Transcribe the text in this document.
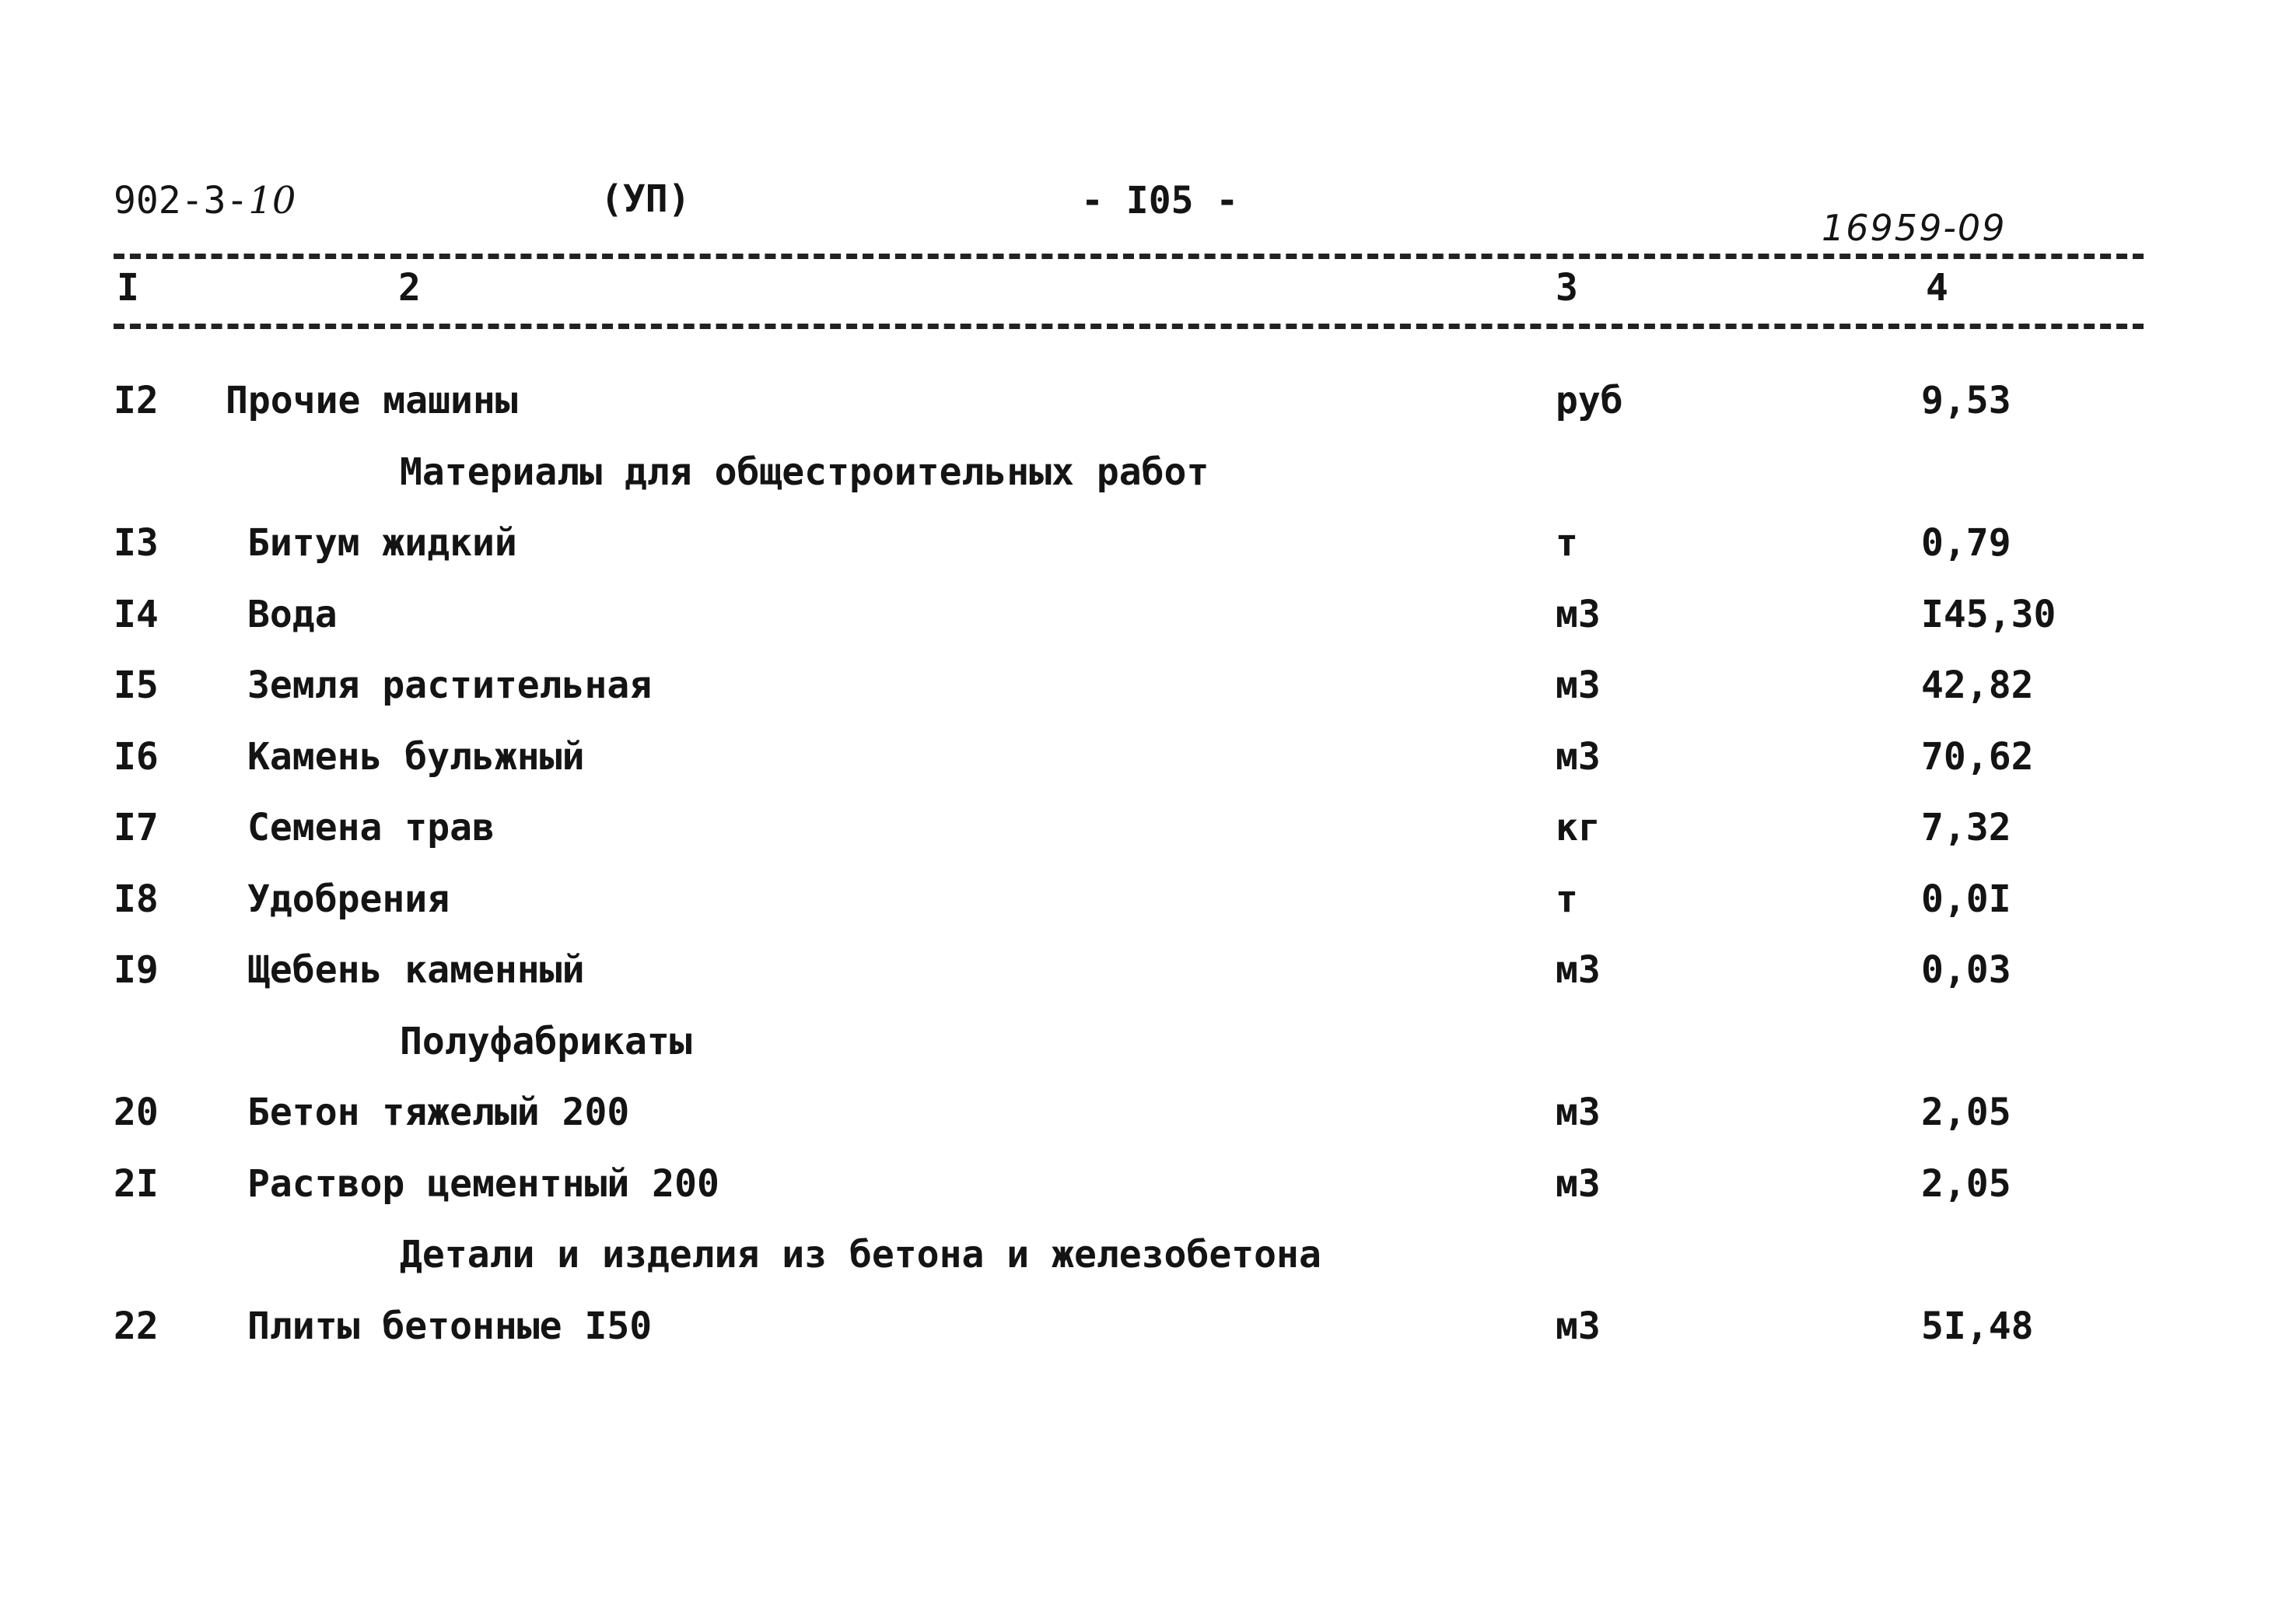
902-3-10	(УП)	- I05 -
16959-09
I	2	3	4
I2 Прочие машины	руб	9,53
Материалы для общестроительных работ
I3 Битум жидкий	т	0,79
I4 Вода	м3	I45,30
I5 Земля растительная	м3	42,82
I6 Камень бульжный	м3	70,62
I7 Семена трав	кг	7,32
I8 Удобрения	т	0,0I
I9 Щебень каменный	м3	0,03
Полуфабрикаты
20 Бетон тяжелый 200	м3	2,05
2I Раствор цементный 200	м3	2,05
Детали и изделия из бетона и железобетона
22 Плиты бетонные I50	м3	5I,48
